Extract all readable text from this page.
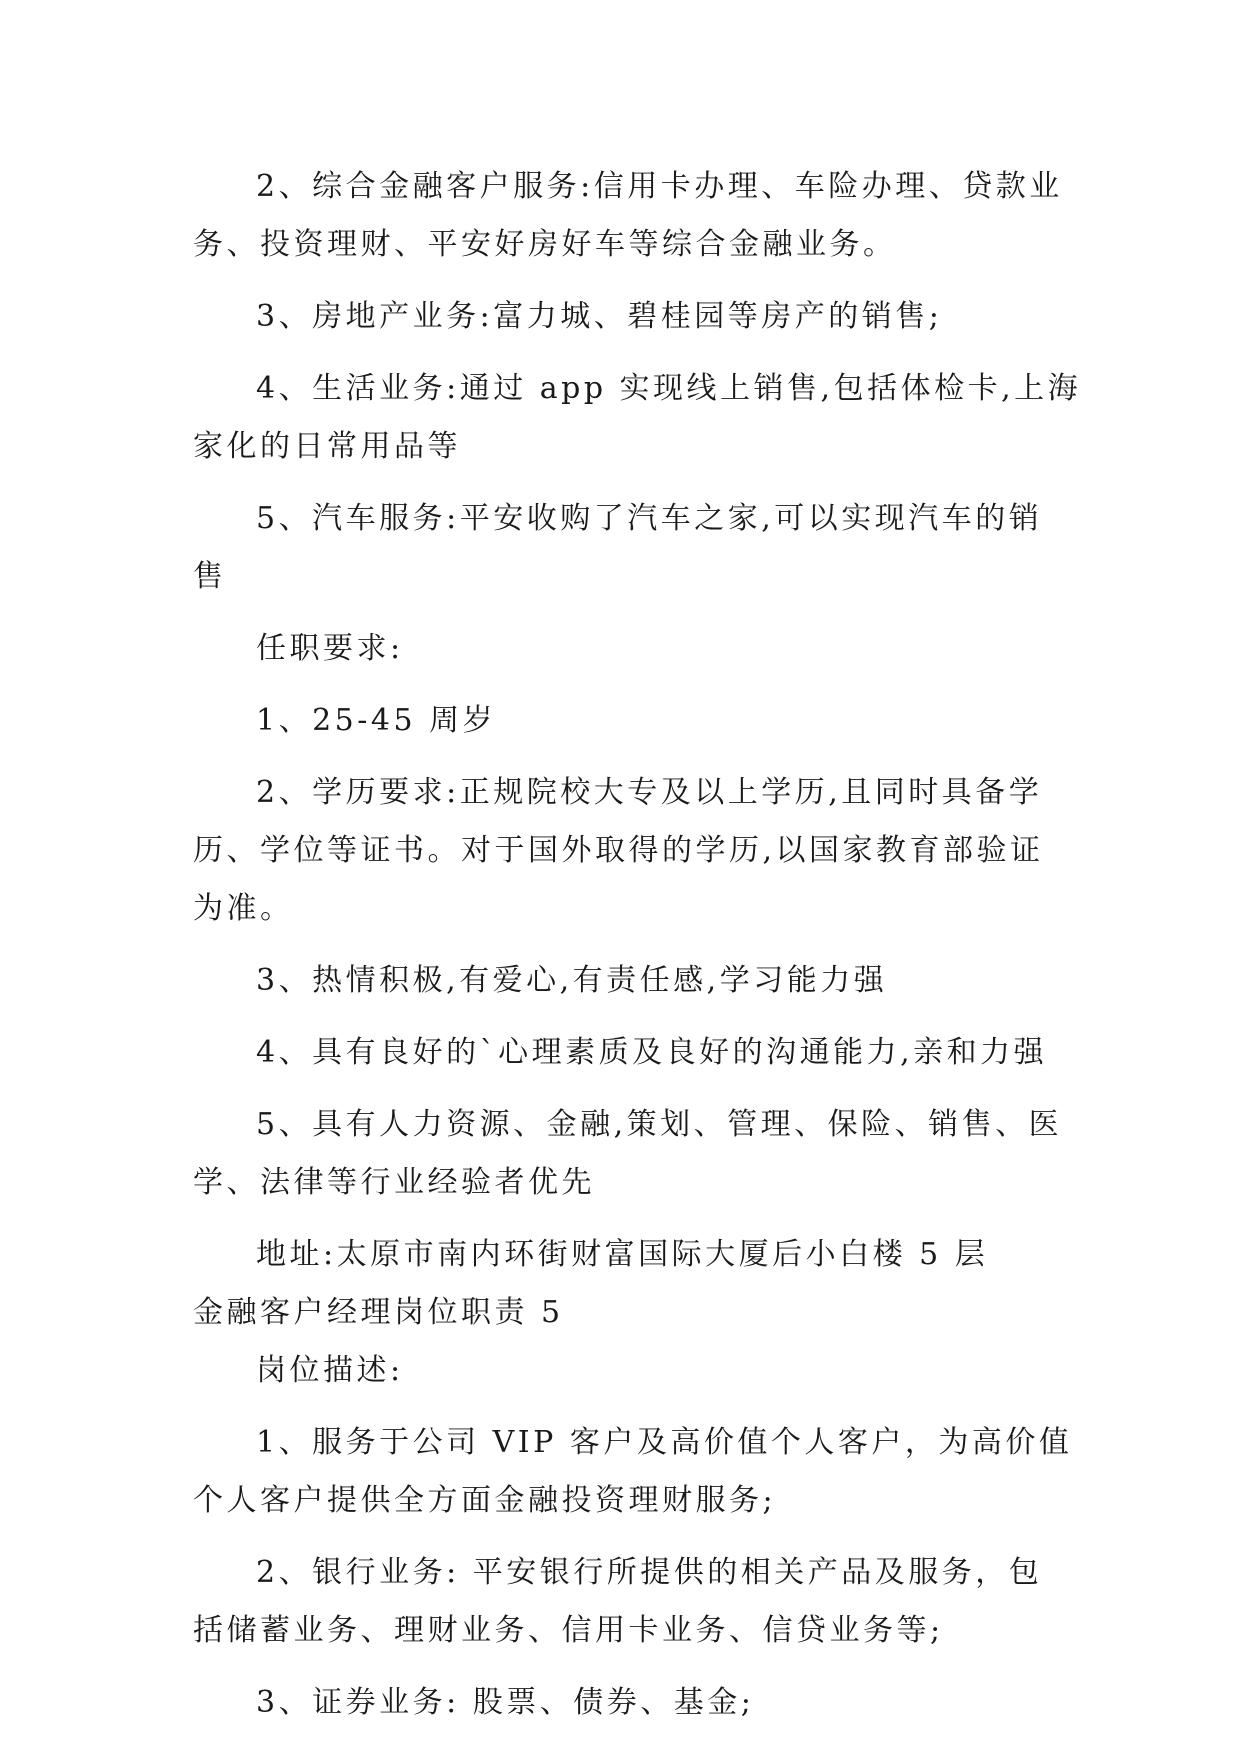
2、综合金融客户服务:信用卡办理、车险办理、贷款业
务、投资理财、平安好房好车等综合金融业务。
3、房地产业务:富力城、碧桂园等房产的销售;
4、生活业务:通过 app 实现线上销售,包括体检卡,上海
家化的日常用品等
5、汽车服务:平安收购了汽车之家,可以实现汽车的销
售
任职要求:
1、25-45 周岁
2、学历要求:正规院校大专及以上学历,且同时具备学
历、学位等证书。对于国外取得的学历,以国家教育部验证
为准。
3、热情积极,有爱心,有责任感,学习能力强
4、具有良好的`心理素质及良好的沟通能力,亲和力强
5、具有人力资源、金融,策划、管理、保险、销售、医
学、法律等行业经验者优先
地址:太原市南内环街财富国际大厦后小白楼 5 层
金融客户经理岗位职责 5
岗位描述:
1、服务于公司 VIP 客户及高价值个人客户，为高价值
个人客户提供全方面金融投资理财服务;
2、银行业务: 平安银行所提供的相关产品及服务，包
括储蓄业务、理财业务、信用卡业务、信贷业务等;
3、证券业务: 股票、债券、基金;
